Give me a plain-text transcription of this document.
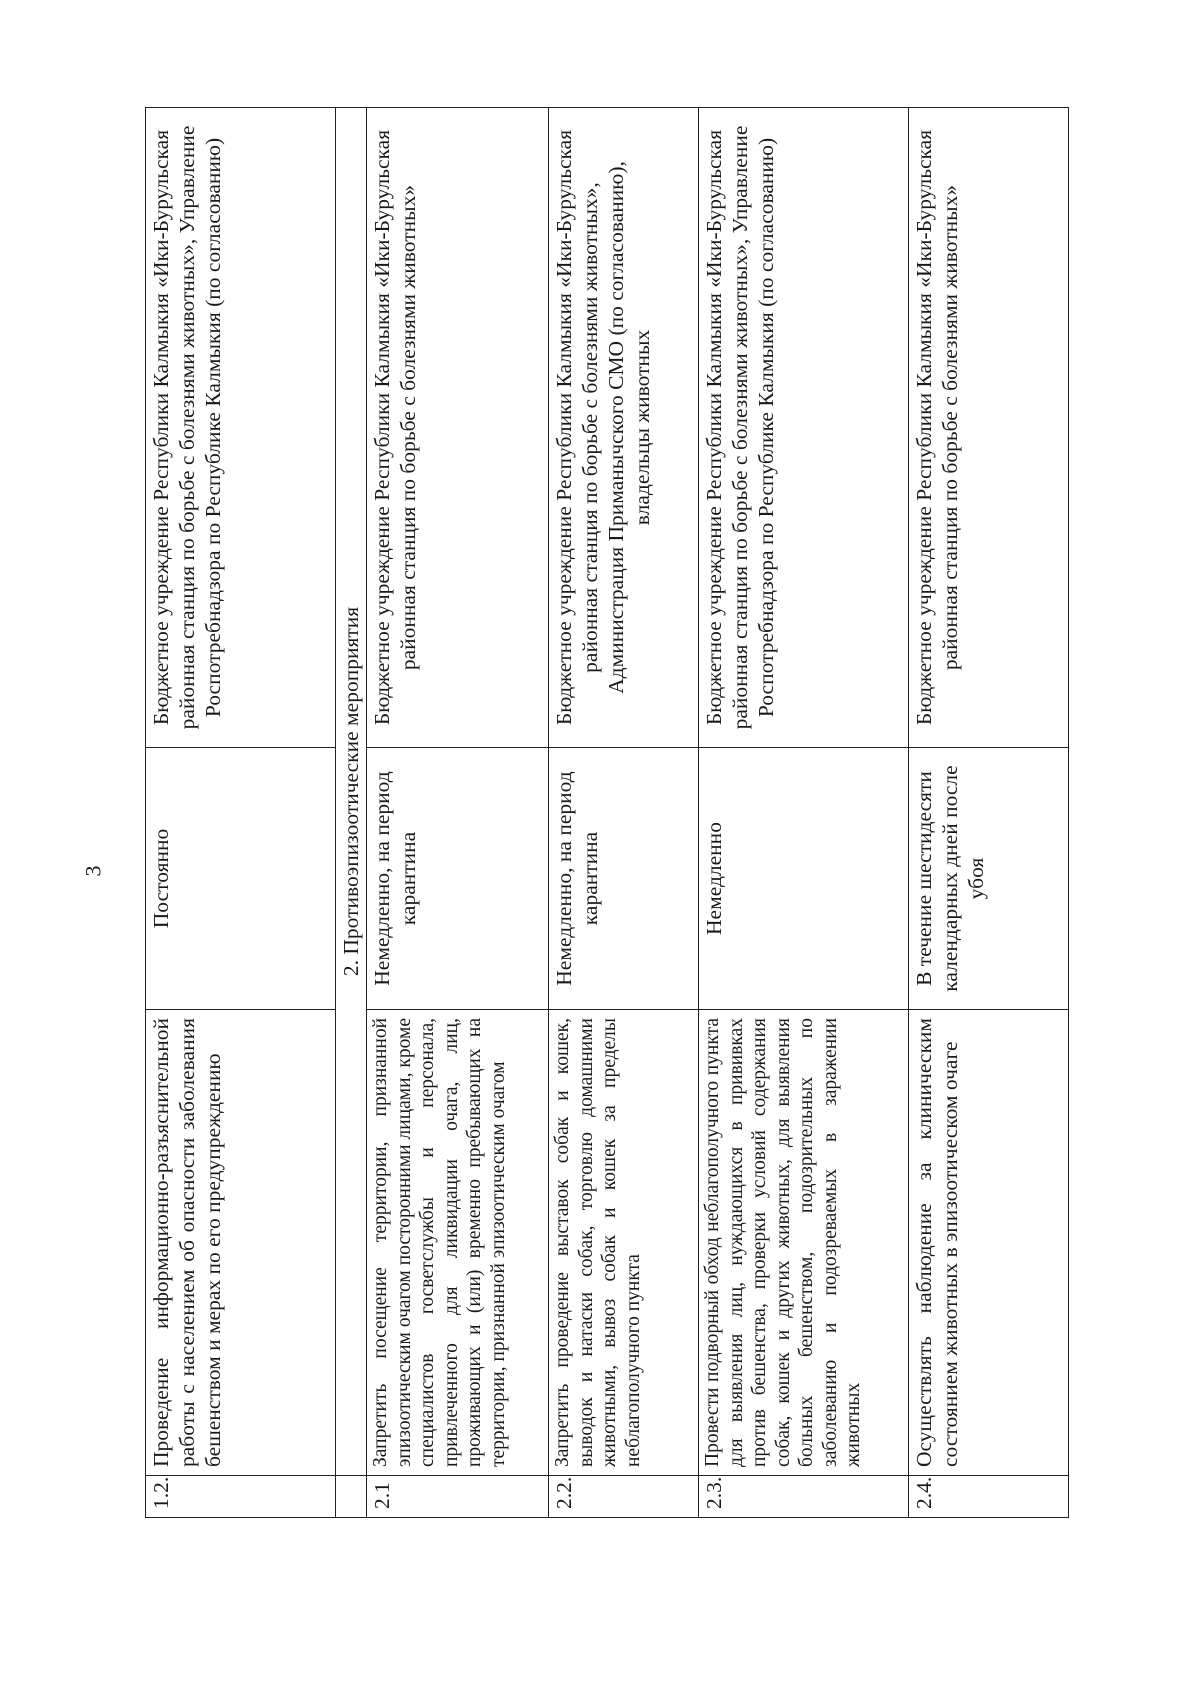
3
1.2.	Проведение информационно-разъяснительной работы с населением об опасности заболевания бешенством и мерах по его предупреждению	Постоянно	Бюджетное учреждение Республики Калмыкия «Ики-Бурульская районная станция по борьбе с болезнями животных», Управление Роспотребнадзора по Республике Калмыкия (по согласованию)
	2. Противоэпизоотические мероприятия		
2.1	Запретить посещение территории, признанной эпизоотическим очагом посторонними лицами, кроме специалистов госветслужбы и персонала, привлеченного для ликвидации очага, лиц, проживающих и (или) временно пребывающих на территории, признанной эпизоотическим очагом	Немедленно, на период карантина	Бюджетное учреждение Республики Калмыкия «Ики-Бурульская районная станция по борьбе с болезнями животных»
2.2.	Запретить проведение выставок собак и кошек, выводок и натаски собак, торговлю домашними животными, вывоз собак и кошек за пределы неблагополучного пункта	Немедленно, на период карантина	Бюджетное учреждение Республики Калмыкия «Ики-Бурульская районная станция по борьбе с болезнями животных», Администрация Приманычского СМО (по согласованию), владельцы животных
2.3.	Провести подворный обход неблагополучного пункта для выявления лиц, нуждающихся в прививках против бешенства, проверки условий содержания собак, кошек и других животных, для выявления больных бешенством, подозрительных по заболеванию и подозреваемых в заражении животных	Немедленно	Бюджетное учреждение Республики Калмыкия «Ики-Бурульская районная станция по борьбе с болезнями животных», Управление Роспотребнадзора по Республике Калмыкия (по согласованию)
2.4.	Осуществлять наблюдение за клиническим состоянием животных в эпизоотическом очаге	В течение шестидесяти календарных дней после убоя	Бюджетное учреждение Республики Калмыкия «Ики-Бурульская районная станция по борьбе с болезнями животных»
